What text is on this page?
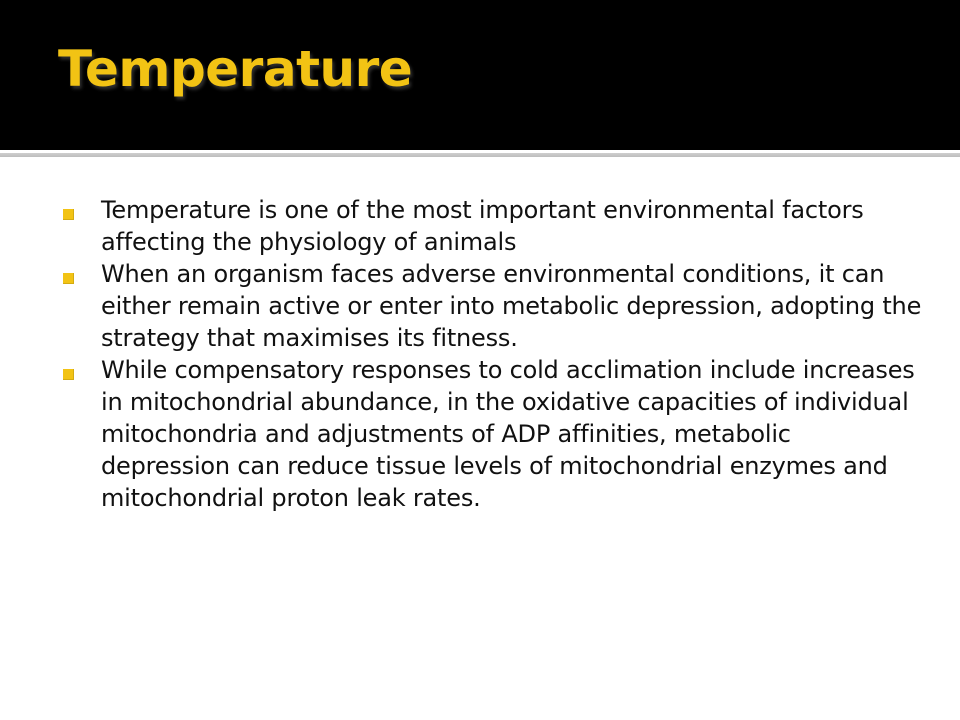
Temperature
Temperature is one of the most important environmental factors affecting the physiology of animals
When an organism faces adverse environmental conditions, it can either remain active or enter into metabolic depression, adopting the strategy that maximises its fitness.
While compensatory responses to cold acclimation include increases in mitochondrial abundance, in the oxidative capacities of individual mitochondria and adjustments of ADP affinities, metabolic depression can reduce tissue levels of mitochondrial enzymes and mitochondrial proton leak rates.
